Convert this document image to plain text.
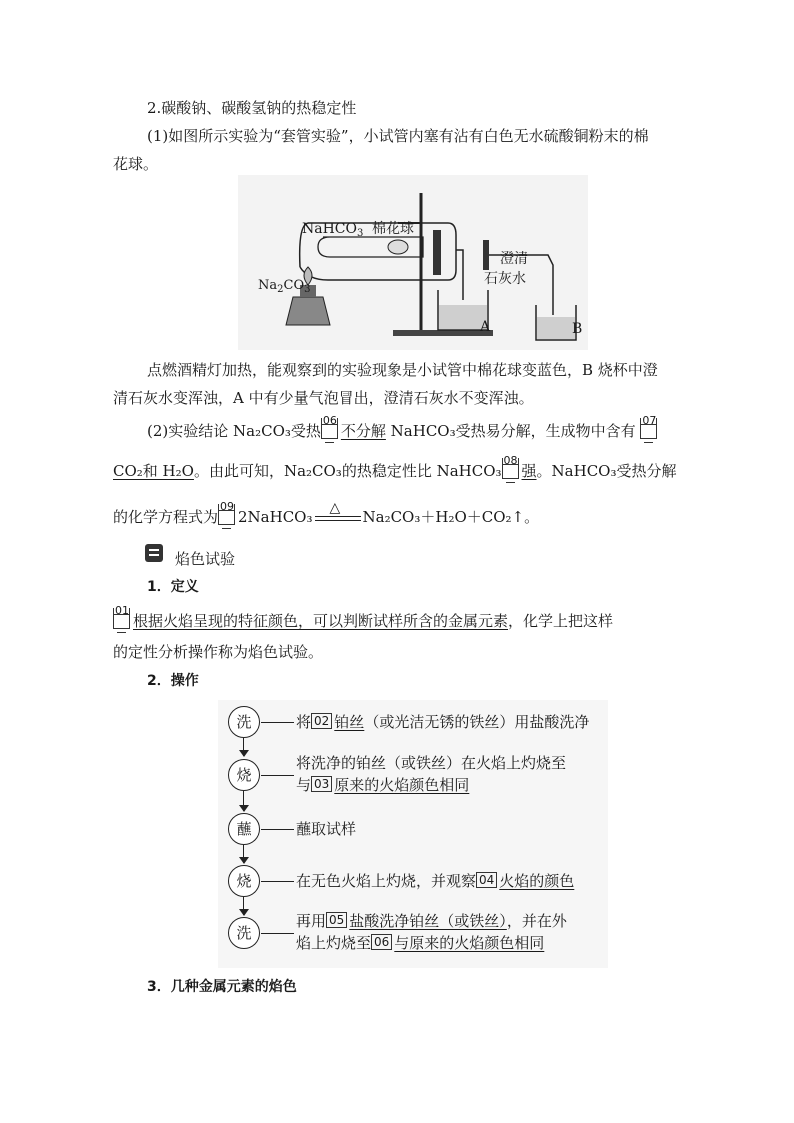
2.碳酸钠、碳酸氢钠的热稳定性
(1)如图所示实验为“套管实验”，小试管内塞有沾有白色无水硫酸铜粉末的棉
花球。
NaHCO$_3$ 棉花球
$Na_2CO_3$
澄清
石灰水
A	B
点燃酒精灯加热，能观察到的实验现象是小试管中棉花球变蓝色，B 烧杯中澄
清石灰水变浑浊，A 中有少量气泡冒出，澄清石灰水不变浑浊。
(2)实验结论 Na₂CO₃受热
06
不分解 NaHCO₃受热易分解，生成物中含有
07
CO₂和 H₂O。由此可知，Na₂CO₃的热稳定性比 NaHCO₃
08
强。NaHCO₃受热分解
的化学方程式为
09
2NaHCO₃ △ Na₂CO₃＋H₂O＋CO₂↑。
焰色试验
1．定义
01
根据火焰呈现的特征颜色，可以判断试样所含的金属元素，化学上把这样
的定性分析操作称为焰色试验。
2．操作
洗	将 02 铂丝（或光洁无锈的铁丝）用盐酸洗净
烧
将洗净的铂丝（或铁丝）在火焰上灼烧至
与 03 原来的火焰颜色相同
蘸	蘸取试样
烧	在无色火焰上灼烧，并观察 04 火焰的颜色
洗
再用 05 盐酸洗净铂丝（或铁丝），并在外
焰上灼烧至 06 与原来的火焰颜色相同
3．几种金属元素的焰色
